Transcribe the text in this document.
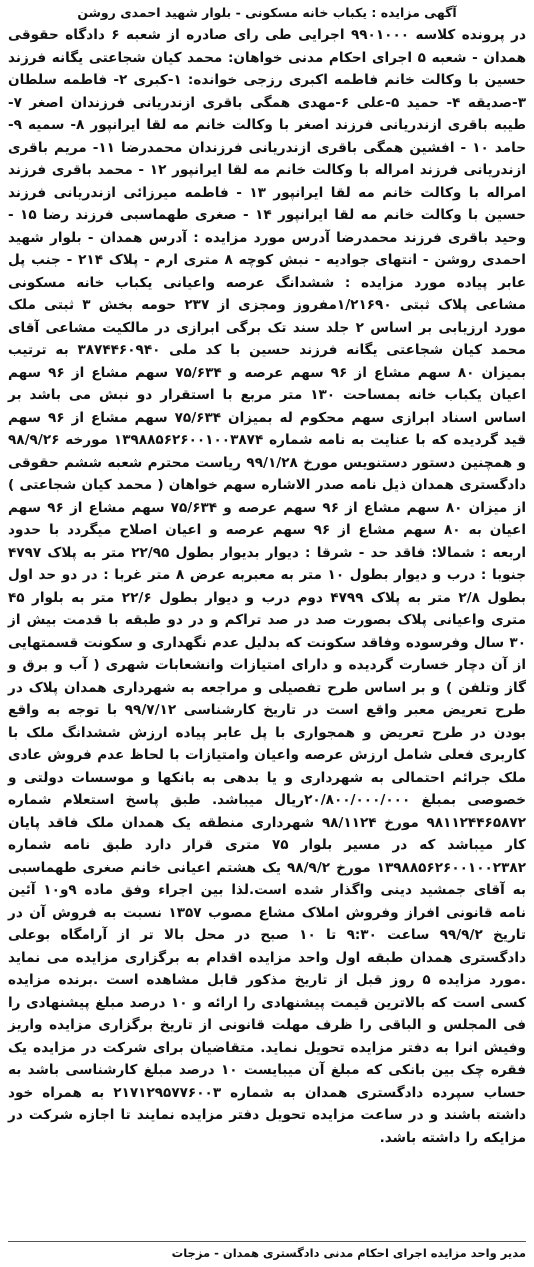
آگهی مزایده : یکباب خانه مسکونی - بلوار شهید احمدی روشن

در پرونده کلاسه ۹۹۰۱۰۰۰ اجرایی طی رای صادره از شعبه ۶ دادگاه حقوقی همدان - شعبه ۵ اجرای احکام مدنی خواهان: محمد کیان شجاعتی یگانه فرزند حسین با وکالت خانم فاطمه اکبری رزجی خوانده: ۱-کبری ۲- فاطمه سلطان ۳-صدیقه ۴- حمید ۵-علی ۶-مهدی همگی باقری ازندریانی فرزندان اصغر ۷- طیبه باقری ازندریانی فرزند اصغر با وکالت خانم مه لقا ایرانپور ۸- سمیه ۹- حامد ۱۰ - افشین همگی باقری ازندریانی فرزندان محمدرضا ۱۱- مریم باقری ازندریانی فرزند امراله با وکالت خانم مه لقا ایرانپور ۱۲ - محمد باقری فرزند امراله با وکالت خانم مه لقا ایرانپور ۱۳ - فاطمه میرزائی ازندریانی فرزند حسین با وکالت خانم مه لقا ایرانپور ۱۴ - صغری طهماسبی فرزند رضا ۱۵ - وحید باقری فرزند محمدرضا آدرس مورد مزایده : آدرس همدان - بلوار شهید احمدی روشن - انتهای جوادیه - نبش کوچه ۸ متری ارم - پلاک ۲۱۴ - جنب پل عابر پیاده مورد مزایده : ششدانگ عرصه واعیانی یکباب خانه مسکونی مشاعی پلاک ثبتی ۱/۲۱۶۹۰مفروز ومجزی از ۲۳۷ حومه بخش ۳ ثبتی ملک مورد ارزیابی بر اساس ۲ جلد سند تک برگی ابرازی در مالکیت مشاعی آقای محمد کیان شجاعتی یگانه فرزند حسین با کد ملی ۳۸۷۴۴۶۰۹۴۰ به ترتیب بمیزان ۸۰ سهم مشاع از ۹۶ سهم عرصه و ۷۵/۶۳۴ سهم مشاع از ۹۶ سهم اعیان یکباب خانه بمساحت ۱۳۰ متر مربع با استقرار دو نبش می باشد بر اساس اسناد ابرازی سهم محکوم له بمیزان ۷۵/۶۳۴ سهم مشاع از ۹۶ سهم قید گردیده که با عنایت به نامه شماره ۱۳۹۸۸۵۶۲۶۰۰۱۰۰۳۸۷۴ مورخه ۹۸/۹/۲۶ و همچنین دستور دستنویس مورخ ۹۹/۱/۲۸ ریاست محترم شعبه ششم حقوقی دادگستری همدان ذیل نامه صدر الاشاره سهم خواهان ( محمد کیان شجاعتی ) از میزان ۸۰ سهم مشاع از ۹۶ سهم عرصه و ۷۵/۶۳۴ سهم مشاع از ۹۶ سهم اعیان به ۸۰ سهم مشاع از ۹۶ سهم عرصه و اعیان اصلاح میگردد با حدود اربعه : شمالا: فاقد حد - شرقا : دیوار بدیوار بطول ۲۲/۹۵ متر به پلاک ۴۷۹۷ جنوبا : درب و دیوار بطول ۱۰ متر به معبربه عرض ۸ متر غربا : در دو حد اول بطول ۲/۸ متر به پلاک ۴۷۹۹ دوم درب و دیوار بطول ۲۲/۶ متر به بلوار ۴۵ متری واعیانی پلاک بصورت صد در صد تراکم و در دو طبقه با قدمت بیش از ۳۰ سال وفرسوده وفاقد سکونت که بدلیل عدم نگهداری و سکونت قسمتهایی از آن دچار خسارت گردیده و دارای امتیازات وانشعابات شهری ( آب و برق و گاز وتلفن ) و بر اساس طرح تفصیلی و مراجعه به شهرداری همدان پلاک در طرح تعریض معبر واقع است در تاریخ کارشناسی ۹۹/۷/۱۲ با توجه به واقع بودن در طرح تعریض و همجواری با پل عابر پیاده ارزش ششدانگ ملک با کاربری فعلی شامل ارزش عرصه واعیان وامتیازات با لحاظ عدم فروش عادی ملک جرائم احتمالی به شهرداری و یا بدهی به بانکها و موسسات دولتی و خصوصی بمبلغ ۲۰/۸۰۰/۰۰۰/۰۰۰ریال میباشد. طبق پاسخ استعلام شماره ۹۸۱۱۲۴۴۶۵۸۷۲ مورخ ۹۸/۱۱۲۴ شهرداری منطقه یک همدان ملک فاقد پایان کار میباشد که در مسیر بلوار ۷۵ متری قرار دارد طبق نامه شماره ۱۳۹۸۸۵۶۲۶۰۰۱۰۰۲۳۸۲ مورخ ۹۸/۹/۲ یک هشتم اعیانی خانم صغری طهماسبی به آقای جمشید دینی واگذار شده است.لذا بین اجراء وفق ماده ۹و۱۰ آئین نامه قانونی افراز وفروش املاک مشاع مصوب ۱۳۵۷ نسبت به فروش آن در تاریخ ۹۹/۹/۲ ساعت ۹:۳۰ تا ۱۰ صبح در محل بالا تر از آرامگاه بوعلی دادگستری همدان طبقه اول واحد مزایده اقدام به برگزاری مزایده می نماید .مورد مزایده ۵ روز قبل از تاریخ مذکور قابل مشاهده است .برنده مزایده کسی است که بالاترین قیمت پیشنهادی را ارائه و ۱۰ درصد مبلغ پیشنهادی را فی المجلس و الباقی را ظرف مهلت قانونی از تاریخ برگزاری مزایده واریز وفیش انرا به دفتر مزایده تحویل نماید. متقاضیان برای شرکت در مزایده یک فقره چک بین بانکی که مبلغ آن میبایست ۱۰ درصد مبلغ کارشناسی باشد به حساب سپرده دادگستری همدان به شماره ۲۱۷۱۲۹۵۷۷۶۰۰۳ به همراه خود داشته باشند و در ساعت مزایده تحویل دفتر مزایده نمایند تا اجازه شرکت در مزایکه را داشته باشد.

مدیر واحد مزایده اجرای احکام مدنی دادگستری همدان - مزجات
